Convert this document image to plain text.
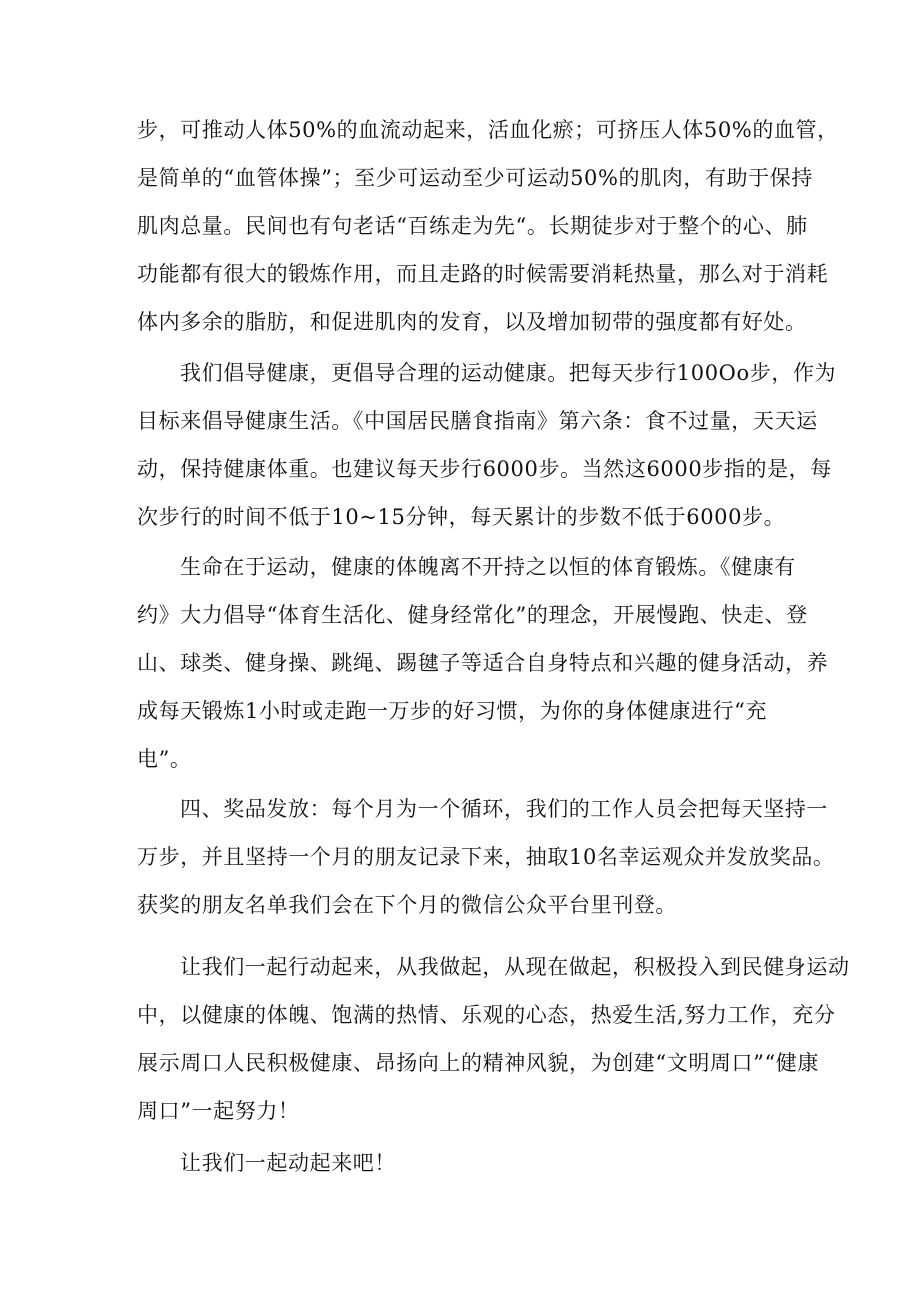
步，可推动人体50%的血流动起来，活血化瘀；可挤压人体50%的血管，
是简单的“血管体操”；至少可运动至少可运动50%的肌肉，有助于保持
肌肉总量。民间也有句老话“百练走为先“。长期徒步对于整个的心、肺
功能都有很大的锻炼作用，而且走路的时候需要消耗热量，那么对于消耗
体内多余的脂肪，和促进肌肉的发育，以及增加韧带的强度都有好处。
我们倡导健康，更倡导合理的运动健康。把每天步行100Oo步，作为
目标来倡导健康生活。《中国居民膳食指南》第六条：食不过量，天天运
动，保持健康体重。也建议每天步行6000步。当然这6000步指的是，每
次步行的时间不低于10~15分钟，每天累计的步数不低于6000步。
生命在于运动，健康的体魄离不开持之以恒的体育锻炼。《健康有
约》大力倡导“体育生活化、健身经常化”的理念，开展慢跑、快走、登
山、球类、健身操、跳绳、踢毽子等适合自身特点和兴趣的健身活动，养
成每天锻炼1小时或走跑一万步的好习惯，为你的身体健康进行“充
电”。
四、奖品发放：每个月为一个循环，我们的工作人员会把每天坚持一
万步，并且坚持一个月的朋友记录下来，抽取10名幸运观众并发放奖品。
获奖的朋友名单我们会在下个月的微信公众平台里刊登。
让我们一起行动起来，从我做起，从现在做起，积极投入到民健身运动
中，以健康的体魄、饱满的热情、乐观的心态，热爱生活,努力工作，充分
展示周口人民积极健康、昂扬向上的精神风貌，为创建“文明周口”“健康
周口”一起努力！
让我们一起动起来吧！
